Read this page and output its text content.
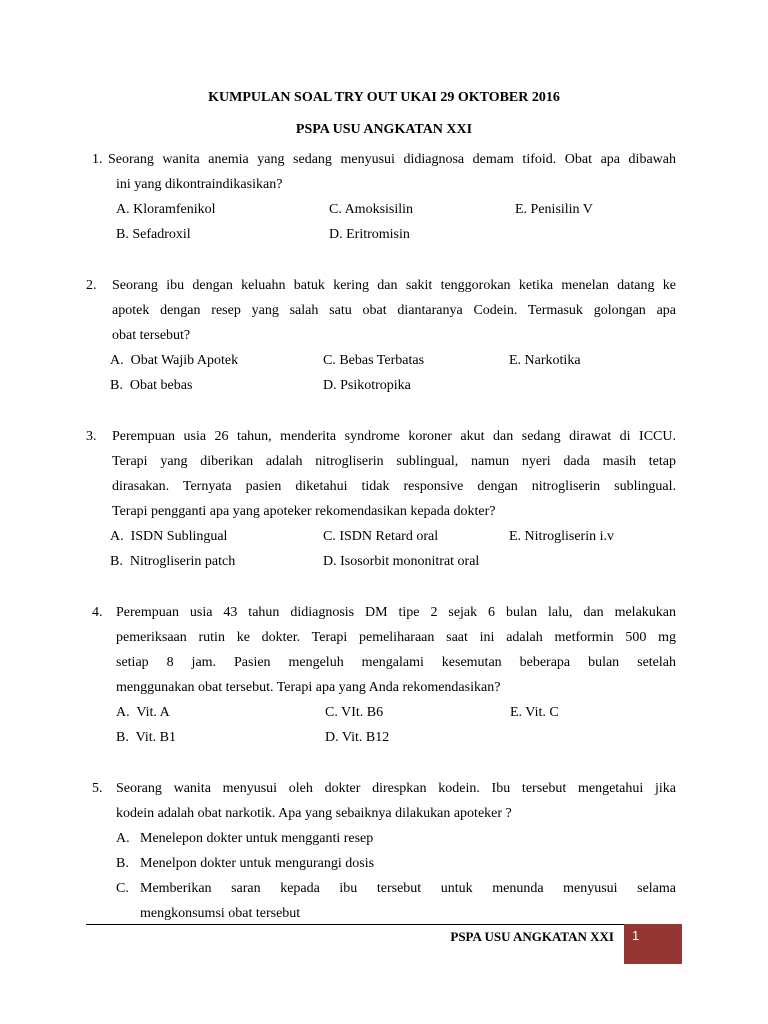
KUMPULAN SOAL TRY OUT UKAI 29 OKTOBER 2016
PSPA USU ANGKATAN XXI
1. Seorang wanita anemia yang sedang menyusui didiagnosa demam tifoid. Obat apa dibawah
ini yang dikontraindikasikan?
A. Kloramfenikol	C. Amoksisilin	E. Penisilin V
B. Sefadroxil	D. Eritromisin
2. Seorang ibu dengan keluahn batuk kering dan sakit tenggorokan ketika menelan datang ke
apotek dengan resep yang salah satu obat diantaranya Codein. Termasuk golongan apa
obat tersebut?
A.  Obat Wajib Apotek	C. Bebas Terbatas	E. Narkotika
B.  Obat bebas	D. Psikotropika
3. Perempuan usia 26 tahun, menderita syndrome koroner akut dan sedang dirawat di ICCU.
Terapi yang diberikan adalah nitrogliserin sublingual, namun nyeri dada masih tetap
dirasakan. Ternyata pasien diketahui tidak responsive dengan nitrogliserin sublingual.
Terapi pengganti apa yang apoteker rekomendasikan kepada dokter?
A.  ISDN Sublingual	C. ISDN Retard oral	E. Nitrogliserin i.v
B.  Nitrogliserin patch	D. Isosorbit mononitrat oral
4. Perempuan usia 43 tahun didiagnosis DM tipe 2 sejak 6 bulan lalu, dan melakukan
pemeriksaan rutin ke dokter. Terapi pemeliharaan saat ini adalah metformin 500 mg
setiap 8 jam. Pasien mengeluh mengalami kesemutan beberapa bulan setelah
menggunakan obat tersebut. Terapi apa yang Anda rekomendasikan?
A.  Vit. A	C. VIt. B6	E. Vit. C
B.  Vit. B1	D. Vit. B12
5. Seorang wanita menyusui oleh dokter direspkan kodein. Ibu tersebut mengetahui jika
kodein adalah obat narkotik. Apa yang sebaiknya dilakukan apoteker ?
A. Menelepon dokter untuk mengganti resep
B. Menelpon dokter untuk mengurangi dosis
C. Memberikan saran kepada ibu tersebut untuk menunda menyusui selama
mengkonsumsi obat tersebut
PSPA USU ANGKATAN XXI 1
